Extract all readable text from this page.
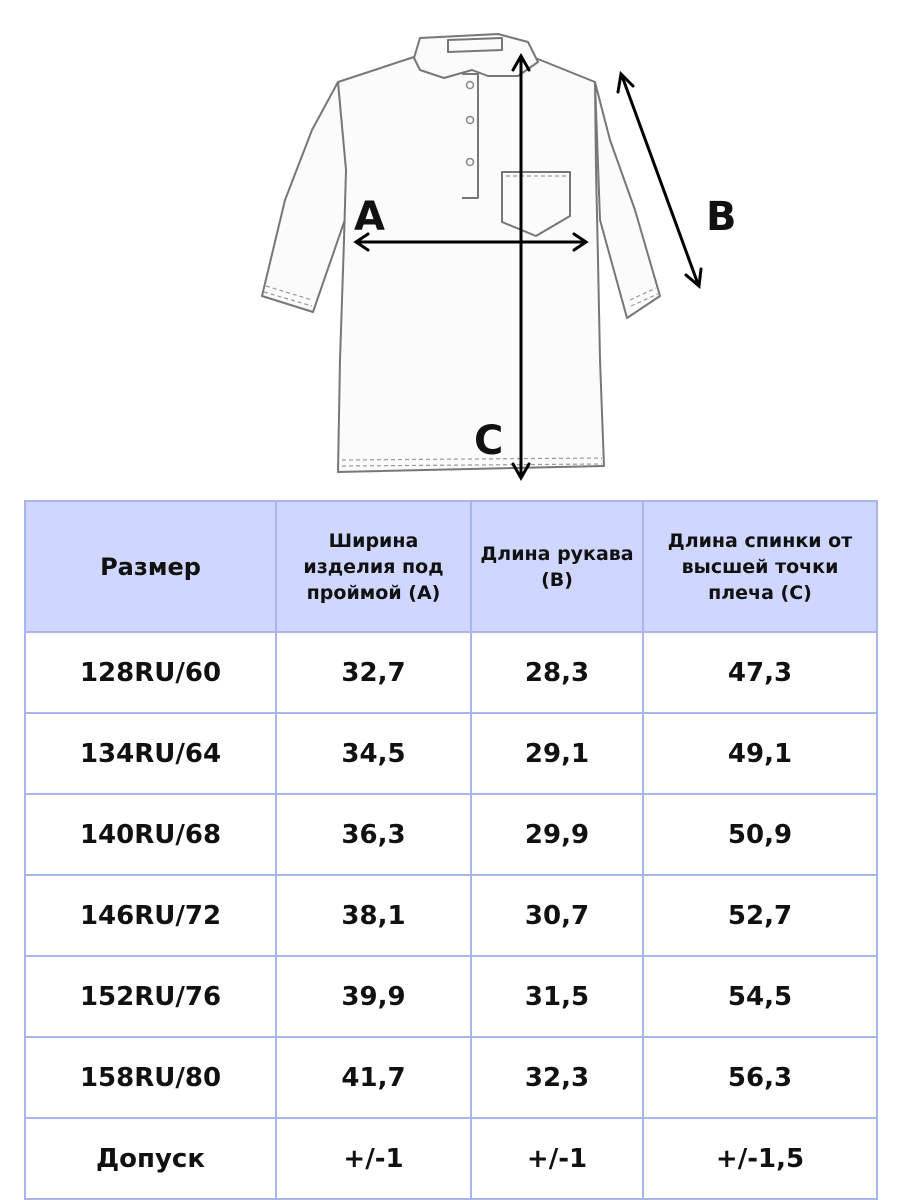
A	B
C
Размер	Ширина изделия под проймой (А)	Длина рукава (В)	Длина спинки от высшей точки плеча (С)
128RU/60	32,7	28,3	47,3
134RU/64	34,5	29,1	49,1
140RU/68	36,3	29,9	50,9
146RU/72	38,1	30,7	52,7
152RU/76	39,9	31,5	54,5
158RU/80	41,7	32,3	56,3
Допуск	+/-1	+/-1	+/-1,5
